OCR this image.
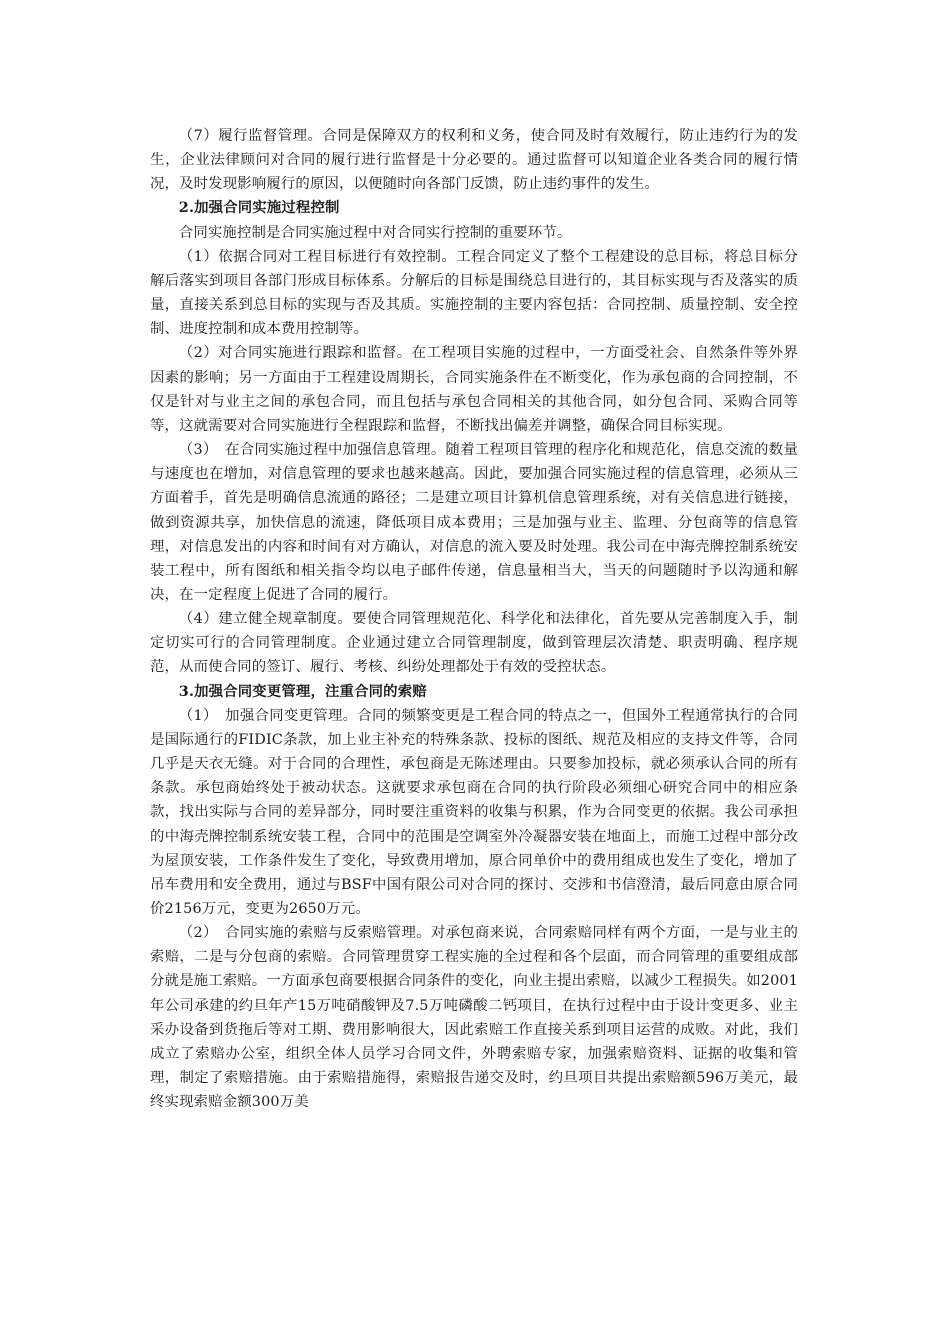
（7）履行监督管理。合同是保障双方的权利和义务，使合同及时有效履行，防止违约行为的发生，企业法律顾问对合同的履行进行监督是十分必要的。通过监督可以知道企业各类合同的履行情况，及时发现影响履行的原因，以便随时向各部门反馈，防止违约事件的发生。

2.加强合同实施过程控制

合同实施控制是合同实施过程中对合同实行控制的重要环节。

（1）依据合同对工程目标进行有效控制。工程合同定义了整个工程建设的总目标，将总目标分解后落实到项目各部门形成目标体系。分解后的目标是围绕总目进行的，其目标实现与否及落实的质量，直接关系到总目标的实现与否及其质。实施控制的主要内容包括：合同控制、质量控制、安全控制、进度控制和成本费用控制等。

（2）对合同实施进行跟踪和监督。在工程项目实施的过程中，一方面受社会、自然条件等外界因素的影响；另一方面由于工程建设周期长，合同实施条件在不断变化，作为承包商的合同控制，不仅是针对与业主之间的承包合同，而且包括与承包合同相关的其他合同，如分包合同、采购合同等等，这就需要对合同实施进行全程跟踪和监督，不断找出偏差并调整，确保合同目标实现。

（3）　在合同实施过程中加强信息管理。随着工程项目管理的程序化和规范化，信息交流的数量与速度也在增加，对信息管理的要求也越来越高。因此，要加强合同实施过程的信息管理，必须从三方面着手，首先是明确信息流通的路径；二是建立项目计算机信息管理系统，对有关信息进行链接，做到资源共享，加快信息的流速，降低项目成本费用；三是加强与业主、监理、分包商等的信息管理，对信息发出的内容和时间有对方确认，对信息的流入要及时处理。我公司在中海壳牌控制系统安装工程中，所有图纸和相关指令均以电子邮件传递，信息量相当大，当天的问题随时予以沟通和解决，在一定程度上促进了合同的履行。

（4）建立健全规章制度。要使合同管理规范化、科学化和法律化，首先要从完善制度入手，制定切实可行的合同管理制度。企业通过建立合同管理制度，做到管理层次清楚、职责明确、程序规范，从而使合同的签订、履行、考核、纠纷处理都处于有效的受控状态。

3.加强合同变更管理，注重合同的索赔

（1）　加强合同变更管理。合同的频繁变更是工程合同的特点之一，但国外工程通常执行的合同是国际通行的FIDIC条款，加上业主补充的特殊条款、投标的图纸、规范及相应的支持文件等，合同几乎是天衣无缝。对于合同的合理性，承包商是无陈述理由。只要参加投标，就必须承认合同的所有条款。承包商始终处于被动状态。这就要求承包商在合同的执行阶段必须细心研究合同中的相应条款，找出实际与合同的差异部分，同时要注重资料的收集与积累，作为合同变更的依据。我公司承担的中海壳牌控制系统安装工程，合同中的范围是空调室外冷凝器安装在地面上，而施工过程中部分改为屋顶安装，工作条件发生了变化，导致费用增加，原合同单价中的费用组成也发生了变化，增加了吊车费用和安全费用，通过与BSF中国有限公司对合同的探讨、交涉和书信澄清，最后同意由原合同价2156万元，变更为2650万元。

（2）　合同实施的索赔与反索赔管理。对承包商来说，合同索赔同样有两个方面，一是与业主的索赔，二是与分包商的索赔。合同管理贯穿工程实施的全过程和各个层面，而合同管理的重要组成部分就是施工索赔。一方面承包商要根据合同条件的变化，向业主提出索赔，以减少工程损失。如2001年公司承建的约旦年产15万吨硝酸钾及7.5万吨磷酸二钙项目，在执行过程中由于设计变更多、业主采办设备到货拖后等对工期、费用影响很大，因此索赔工作直接关系到项目运营的成败。对此，我们成立了索赔办公室，组织全体人员学习合同文件，外聘索赔专家，加强索赔资料、证据的收集和管理，制定了索赔措施。由于索赔措施得，索赔报告递交及时，约旦项目共提出索赔额596万美元，最终实现索赔金额300万美
